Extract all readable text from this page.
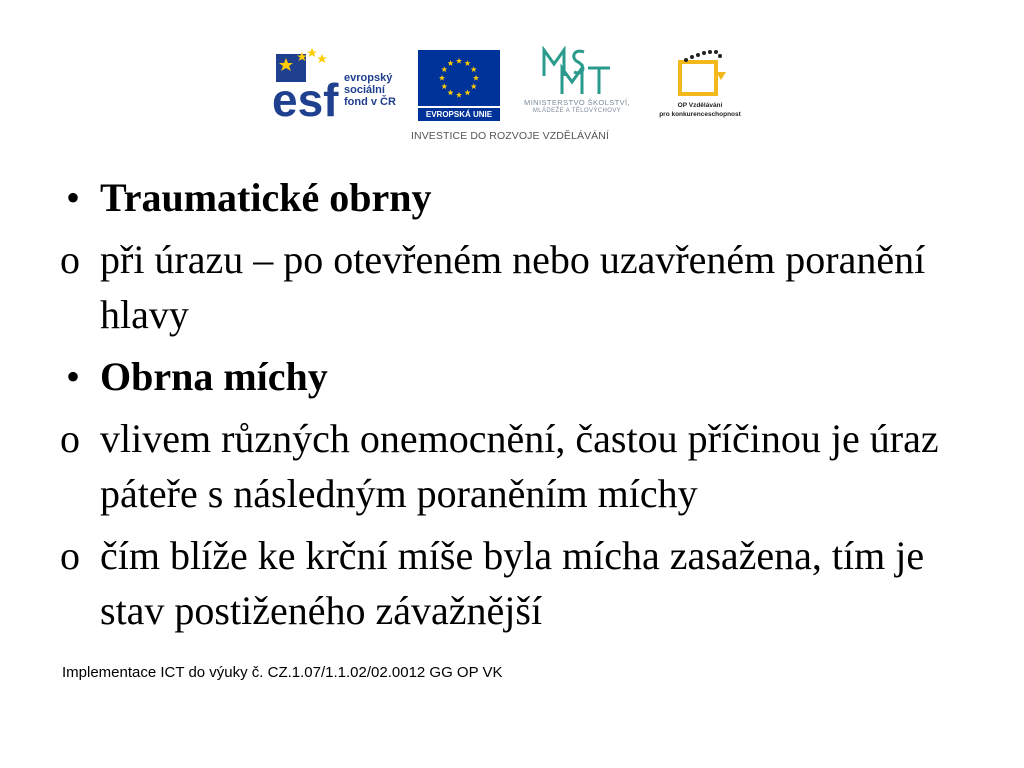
esf evropský
sociální
fond v ČR
EVROPSKÁ UNIE
MINISTERSTVO ŠKOLSTVÍ,
MLÁDEŽE A TĚLOVÝCHOVY
OP Vzdělávání
pro konkurenceschopnost
INVESTICE DO ROZVOJE VZDĚLÁVÁNÍ
• Traumatické obrny
o při úrazu – po otevřeném nebo uzavřeném poranění hlavy
• Obrna míchy
o vlivem různých onemocnění, častou příčinou je úraz páteře s následným poraněním míchy
o čím blíže ke krční míše byla mícha zasažena, tím je stav postiženého závažnější
Implementace ICT do výuky č. CZ.1.07/1.1.02/02.0012 GG OP VK
